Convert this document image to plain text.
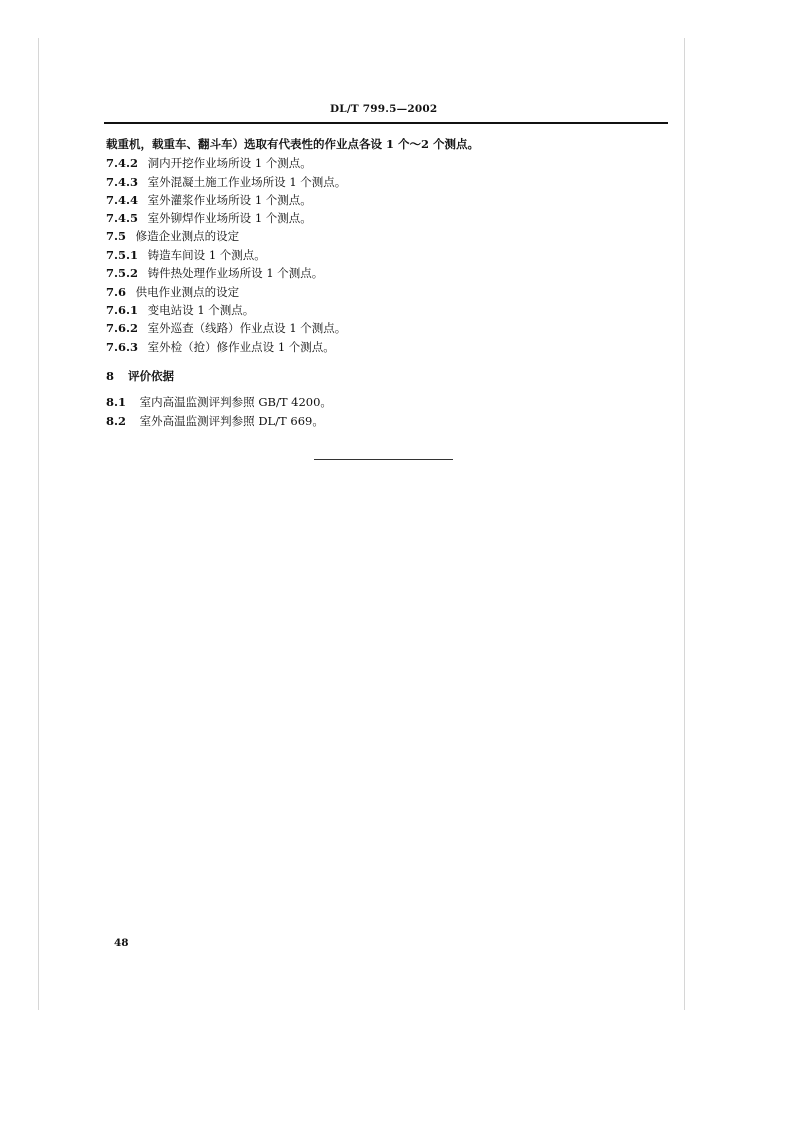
DL/T 799.5—2002
载重机，载重车、翻斗车）选取有代表性的作业点各设 1 个～2 个测点。
7.4.2 洞内开挖作业场所设 1 个测点。
7.4.3 室外混凝土施工作业场所设 1 个测点。
7.4.4 室外灌浆作业场所设 1 个测点。
7.4.5 室外铆焊作业场所设 1 个测点。
7.5 修造企业测点的设定
7.5.1 铸造车间设 1 个测点。
7.5.2 铸件热处理作业场所设 1 个测点。
7.6 供电作业测点的设定
7.6.1 变电站设 1 个测点。
7.6.2 室外巡查（线路）作业点设 1 个测点。
7.6.3 室外检（抢）修作业点设 1 个测点。
8 评价依据
8.1 室内高温监测评判参照 GB/T 4200。
8.2 室外高温监测评判参照 DL/T 669。
48
